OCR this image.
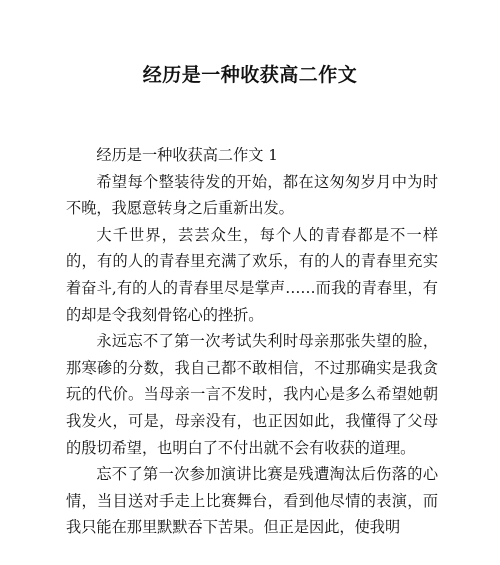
经历是一种收获高二作文

经历是一种收获高二作文 1

希望每个整装待发的开始，都在这匆匆岁月中为时不晚，我愿意转身之后重新出发。

大千世界，芸芸众生，每个人的青春都是不一样的，有的人的青春里充满了欢乐，有的人的青春里充实着奋斗,有的人的青春里尽是掌声……而我的青春里，有的却是令我刻骨铭心的挫折。

永远忘不了第一次考试失利时母亲那张失望的脸，那寒碜的分数，我自己都不敢相信，不过那确实是我贪玩的代价。当母亲一言不发时，我内心是多么希望她朝我发火，可是，母亲没有，也正因如此，我懂得了父母的殷切希望，也明白了不付出就不会有收获的道理。

忘不了第一次参加演讲比赛是残遭淘汰后伤落的心情，当目送对手走上比赛舞台，看到他尽情的表演，而我只能在那里默默吞下苦果。但正是因此，使我明
